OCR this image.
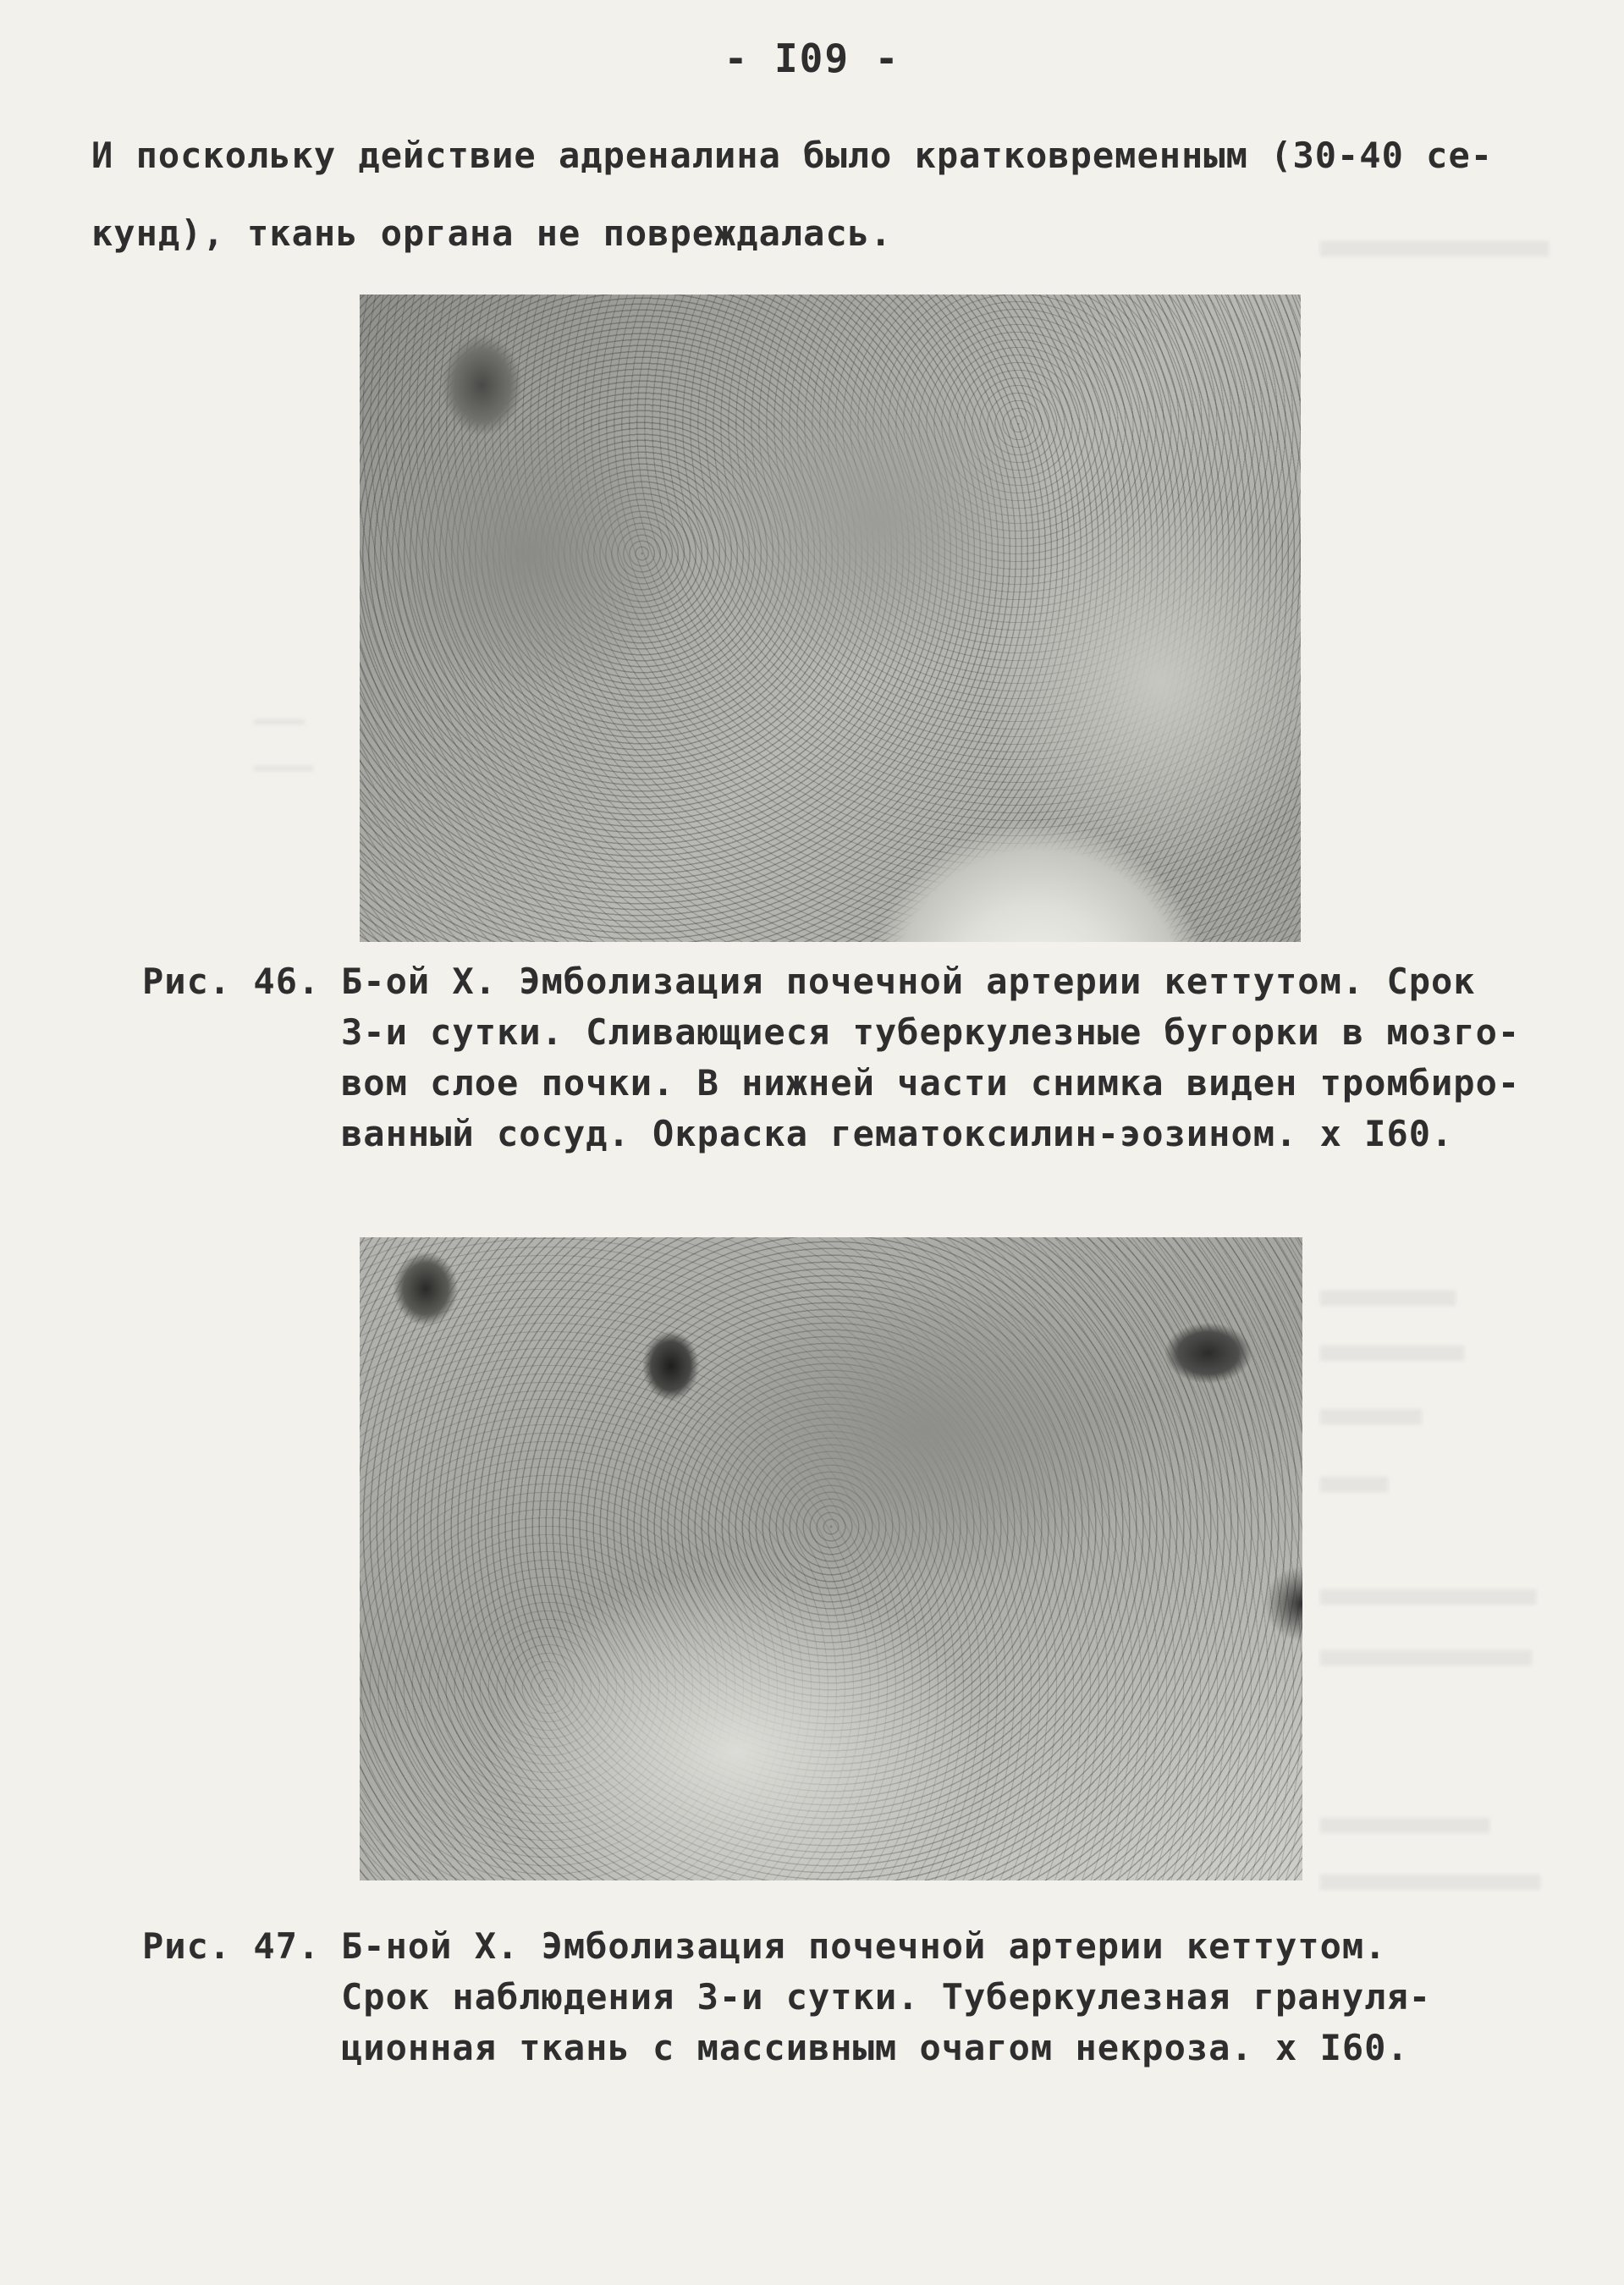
- I09 -
И поскольку действие адреналина было кратковременным (30-40 се-
кунд), ткань органа не повреждалась.
Рис. 46. Б-ой Х. Эмболизация почечной артерии кеттутом. Срок
3-и сутки. Сливающиеся туберкулезные бугорки в мозго-
вом слое почки. В нижней части снимка виден тромбиро-
ванный сосуд. Окраска гематоксилин-эозином. х I60.
Рис. 47. Б-ной Х. Эмболизация почечной артерии кеттутом.
Срок наблюдения 3-и сутки. Туберкулезная грануля-
ционная ткань с массивным очагом некроза. х I60.
